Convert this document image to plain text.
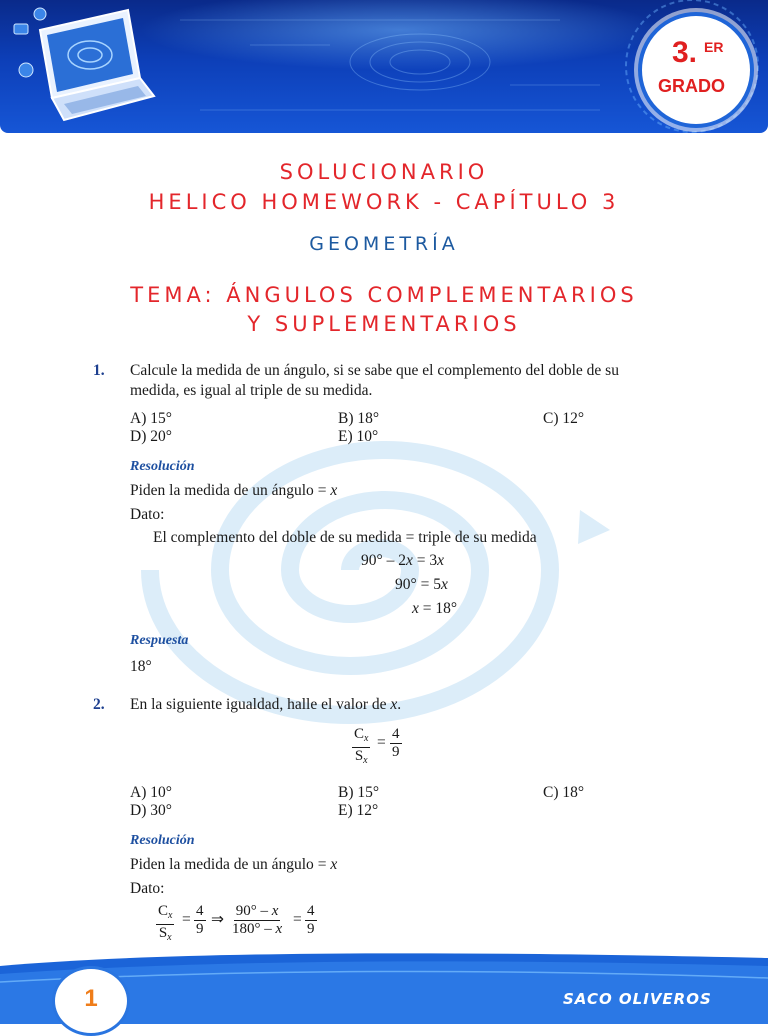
3. ER
GRADO
SOLUCIONARIO
HELICO HOMEWORK - CAPÍTULO 3
GEOMETRÍA
TEMA: ÁNGULOS COMPLEMENTARIOS
Y SUPLEMENTARIOS
1. Calcule la medida de un ángulo, si se sabe que el complemento del doble de su
medida, es igual al triple de su medida.
A) 15°	B) 18°	C) 12°
D) 20°	E) 10°
Resolución
Piden la medida de un ángulo = x
Dato:
El complemento del doble de su medida = triple de su medida
90° – 2x = 3x
90° = 5x
x = 18°
Respuesta
18°
2. En la siguiente igualdad, halle el valor de x.
$\frac{C_x}{S_x} = \frac{4}{9}$
A) 10°	B) 15°	C) 18°
D) 30°	E) 12°
Resolución
Piden la medida de un ángulo = x
Dato:
$\frac{C_x}{S_x} = \frac{4}{9}$ ⇒ $\frac{90^\circ - x}{180^\circ - x} = \frac{4}{9}$
1	SACO OLIVEROS
